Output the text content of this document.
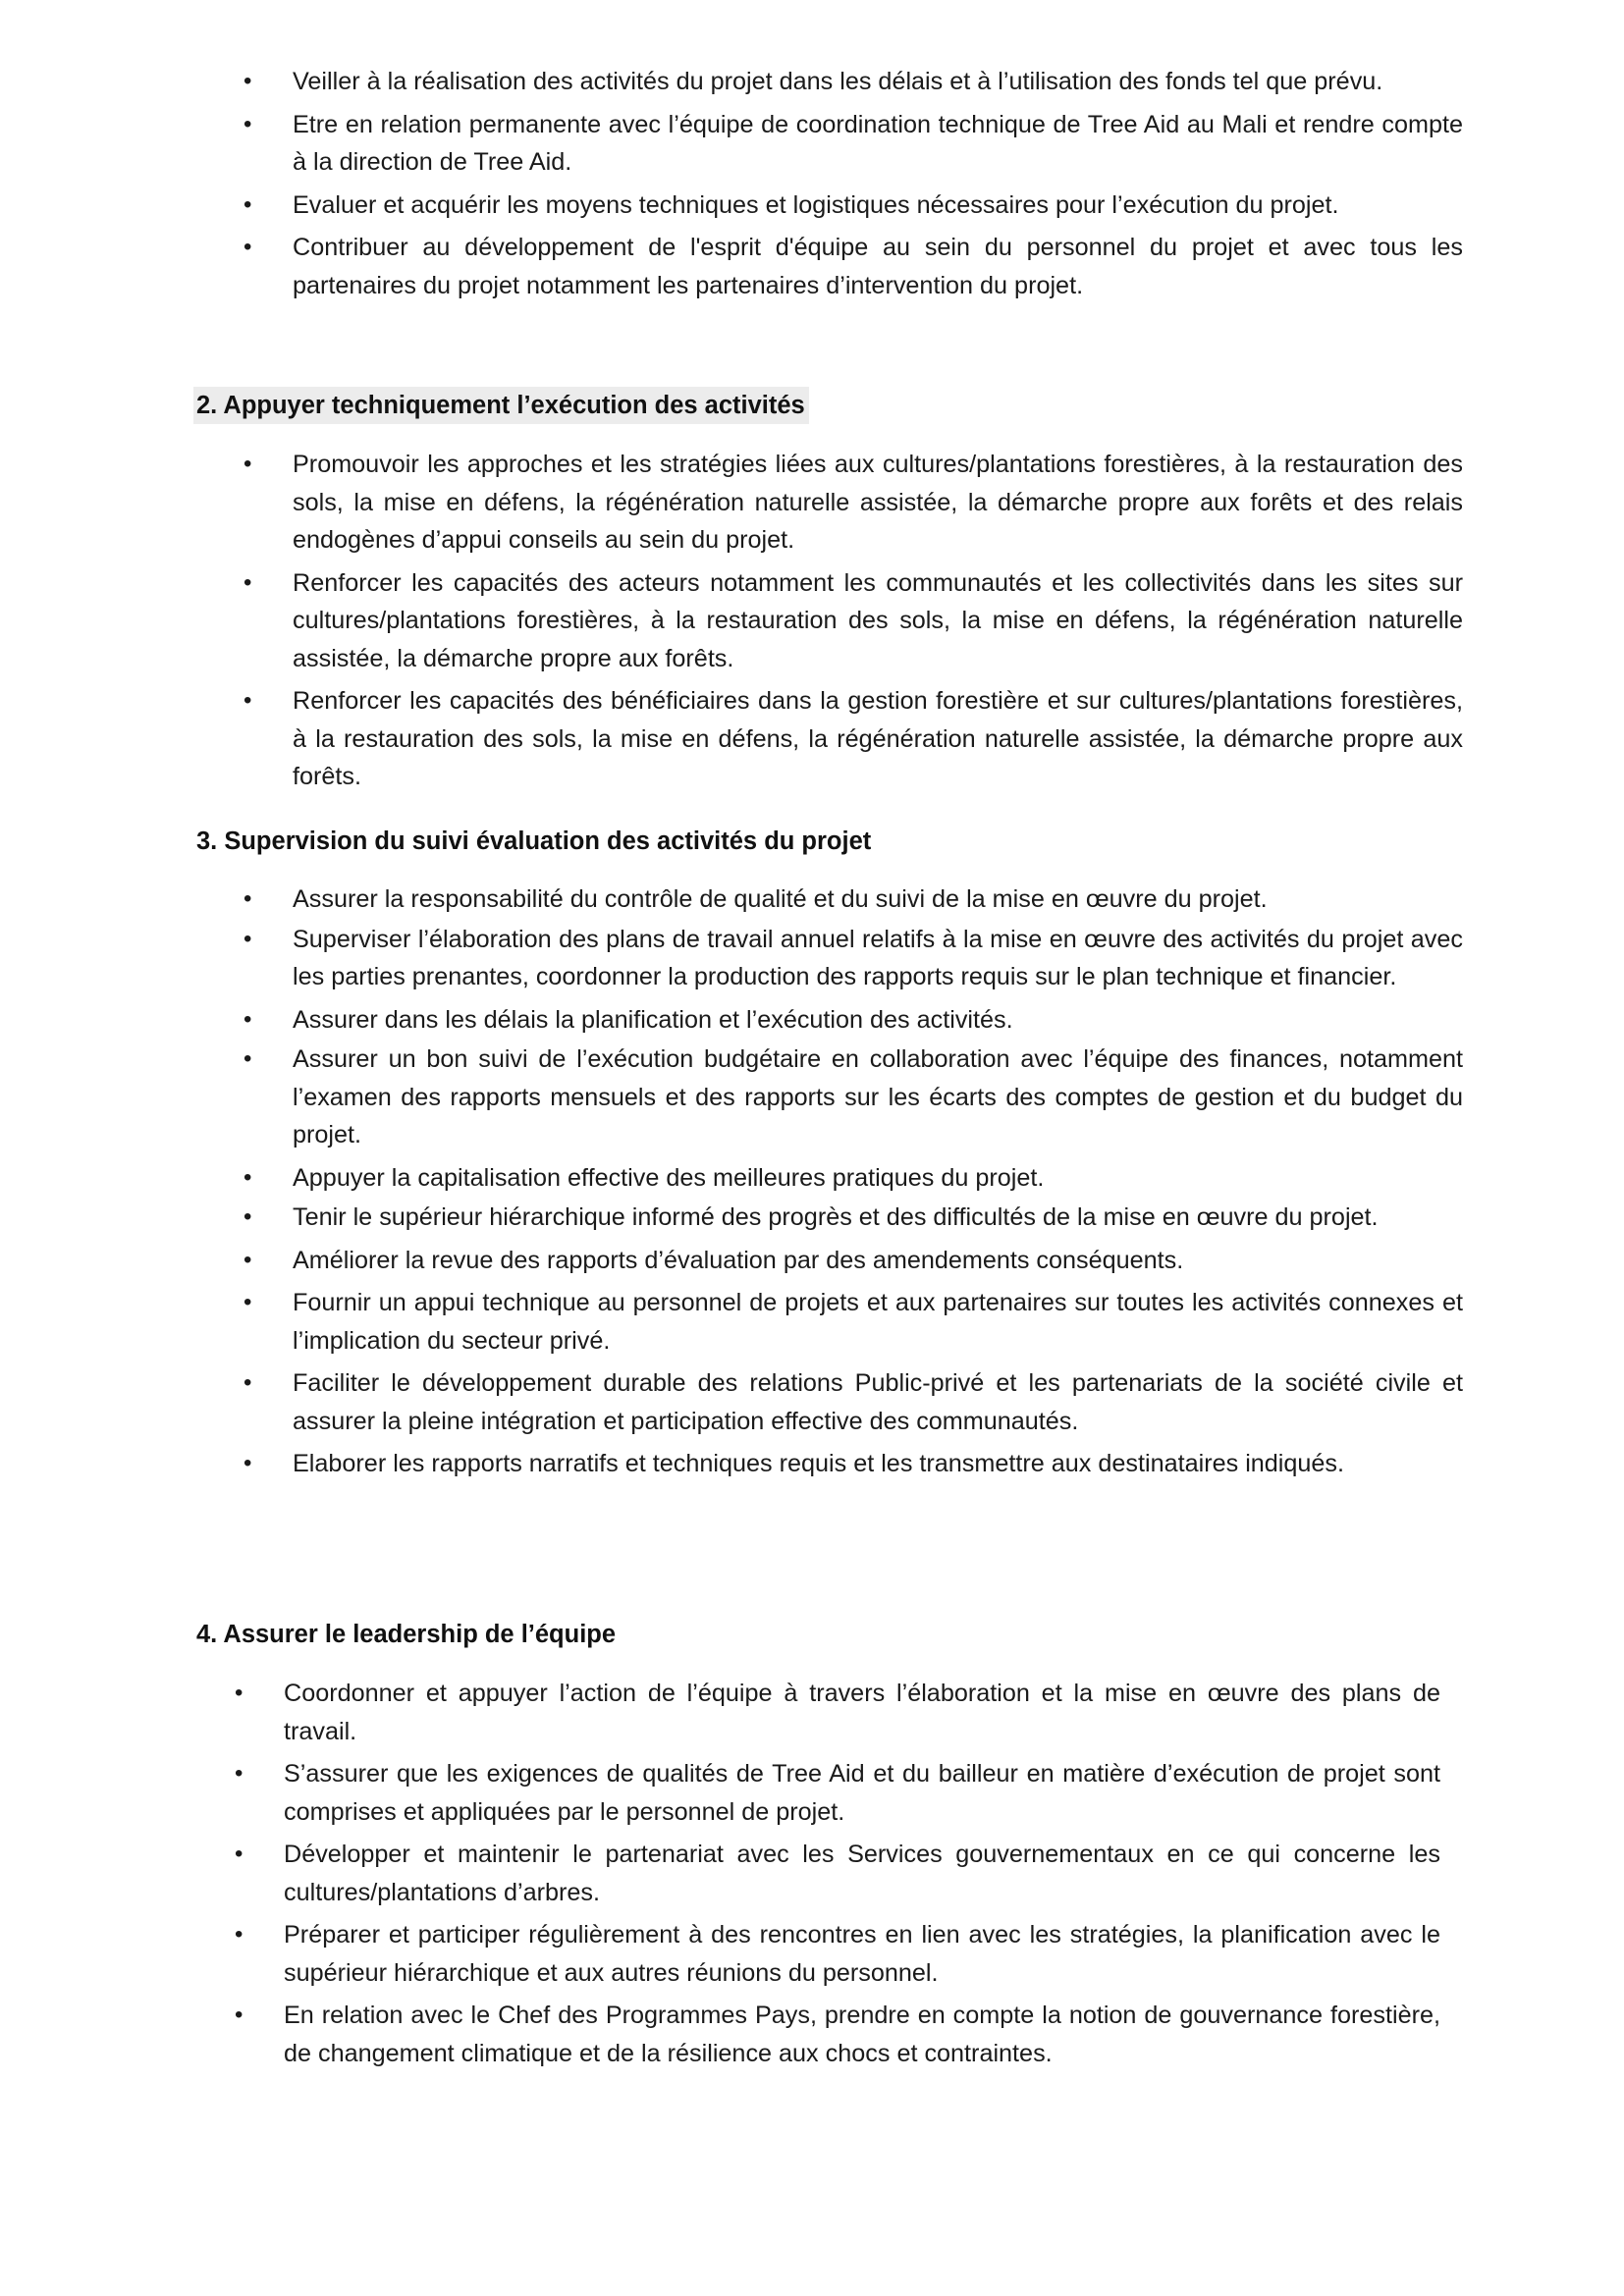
•	Veiller à la réalisation des activités du projet dans les délais et à l’utilisation des fonds tel que prévu.
•	Etre en relation permanente avec l’équipe de coordination technique de Tree Aid au Mali et rendre compte à la direction de Tree Aid.
•	Evaluer et acquérir les moyens techniques et logistiques nécessaires pour l’exécution du projet.
•	Contribuer au développement de l'esprit d'équipe au sein du personnel du projet et avec tous les partenaires du projet notamment les partenaires d’intervention du projet.
2. Appuyer techniquement l’exécution des activités
•	Promouvoir les approches et les stratégies liées aux cultures/plantations forestières, à la restauration des sols, la mise en défens, la régénération naturelle assistée, la démarche propre aux forêts et des relais endogènes d’appui conseils au sein du projet.
•	Renforcer les capacités des acteurs notamment les communautés et les collectivités dans les sites sur cultures/plantations forestières, à la restauration des sols, la mise en défens, la régénération naturelle assistée, la démarche propre aux forêts.
•	Renforcer les capacités des bénéficiaires dans la gestion forestière et sur cultures/plantations forestières, à la restauration des sols, la mise en défens, la régénération naturelle assistée, la démarche propre aux forêts.
3. Supervision du suivi évaluation des activités du projet
•	Assurer la responsabilité du contrôle de qualité et du suivi de la mise en œuvre du projet.
•	Superviser l’élaboration des plans de travail annuel relatifs à la mise en œuvre des activités du projet avec les parties prenantes, coordonner la production des rapports requis sur le plan technique et financier.
•	Assurer dans les délais la planification et l’exécution des activités.
•	Assurer un bon suivi de l’exécution budgétaire en collaboration avec l’équipe des finances, notamment l’examen des rapports mensuels et des rapports sur les écarts des comptes de gestion et du budget du projet.
•	Appuyer la capitalisation effective des meilleures pratiques du projet.
•	Tenir le supérieur hiérarchique informé des progrès et des difficultés de la mise en œuvre du projet.
•	Améliorer la revue des rapports d’évaluation par des amendements conséquents.
•	Fournir un appui technique au personnel de projets et aux partenaires sur toutes les activités connexes et l’implication du secteur privé.
•	Faciliter le développement durable des relations Public-privé et les partenariats de la société civile et assurer la pleine intégration et participation effective des communautés.
•	Elaborer les rapports narratifs et techniques requis et les transmettre aux destinataires indiqués.
4. Assurer le leadership de l’équipe
•	Coordonner et appuyer l’action de l’équipe à travers l’élaboration et la mise en œuvre des plans de travail.
•	S’assurer que les exigences de qualités de Tree Aid et du bailleur en matière d’exécution de projet sont comprises et appliquées par le personnel de projet.
•	Développer et maintenir le partenariat avec les Services gouvernementaux en ce qui concerne les cultures/plantations d’arbres.
•	Préparer et participer régulièrement à des rencontres en lien avec les stratégies, la planification avec le supérieur hiérarchique et aux autres réunions du personnel.
•	En relation avec le Chef des Programmes Pays, prendre en compte la notion de gouvernance forestière, de changement climatique et de la résilience aux chocs et contraintes.
